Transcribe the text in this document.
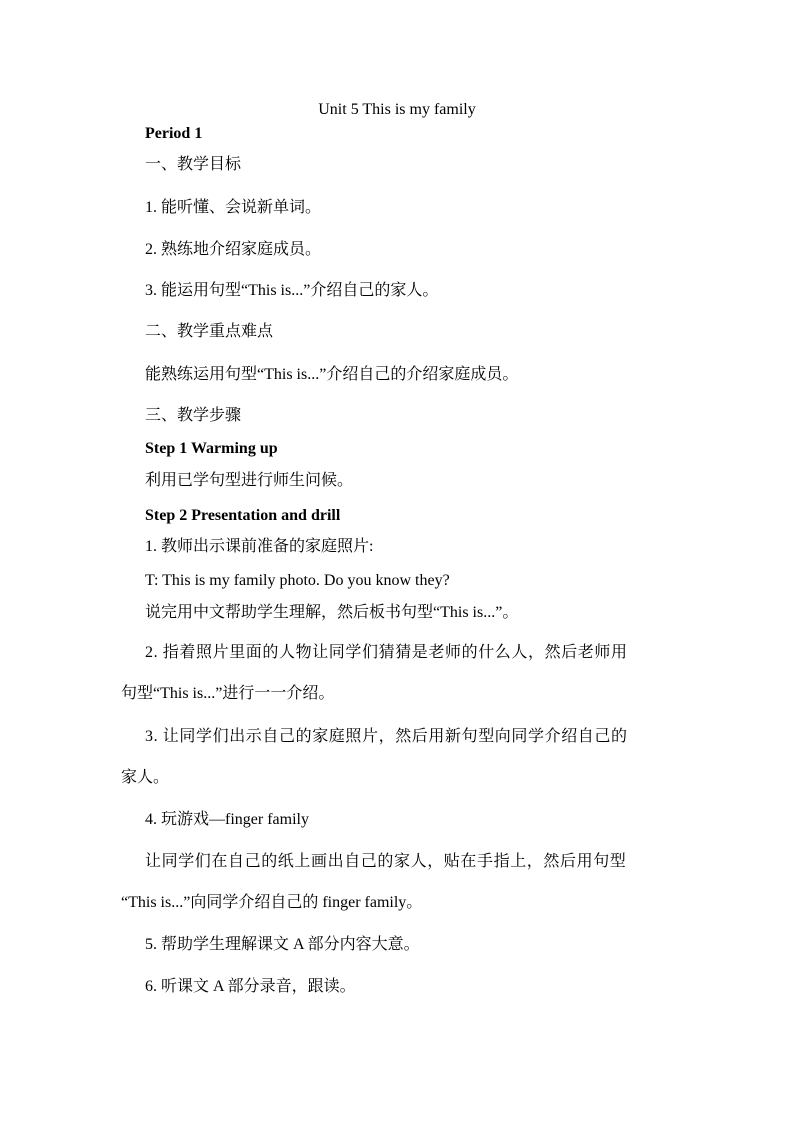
Unit 5 This is my family
Period 1
一、教学目标
1. 能听懂、会说新单词。
2. 熟练地介绍家庭成员。
3. 能运用句型“This is...”介绍自己的家人。
二、教学重点难点
能熟练运用句型“This is...”介绍自己的介绍家庭成员。
三、教学步骤
Step 1 Warming up
利用已学句型进行师生问候。
Step 2 Presentation and drill
1. 教师出示课前准备的家庭照片:
T: This is my family photo. Do you know they?
说完用中文帮助学生理解，然后板书句型“This is...”。
2. 指着照片里面的人物让同学们猜猜是老师的什么人，然后老师用
句型“This is...”进行一一介绍。
3. 让同学们出示自己的家庭照片，然后用新句型向同学介绍自己的
家人。
4. 玩游戏—finger family
让同学们在自己的纸上画出自己的家人，贴在手指上，然后用句型
“This is...”向同学介绍自己的 finger family。
5. 帮助学生理解课文 A 部分内容大意。
6. 听课文 A 部分录音，跟读。
